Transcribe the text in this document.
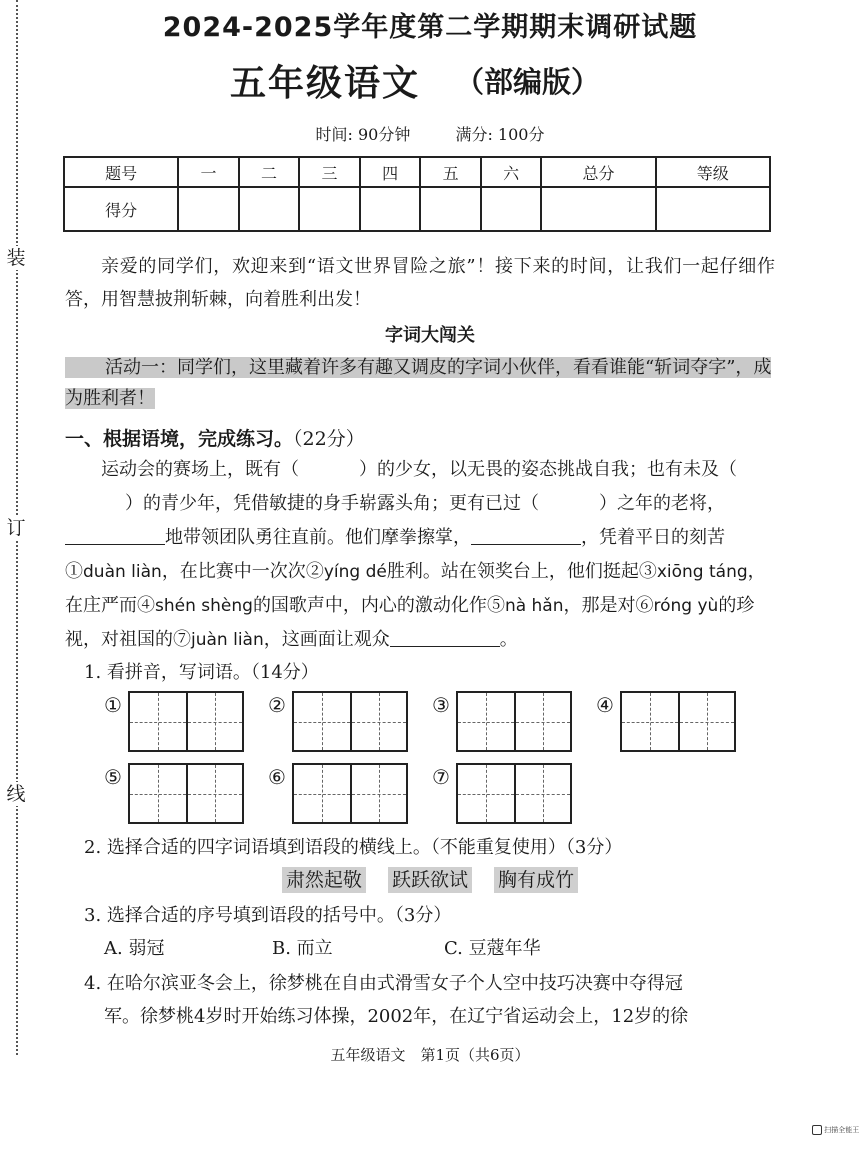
装
订
线
2024-2025学年度第二学期期末调研试题
五年级语文 （部编版）
时间: 90分钟	满分: 100分
题号	一	二	三	四	五	六	总分	等级
得分								
亲爱的同学们，欢迎来到“语文世界冒险之旅”！接下来的时间，让我们一起仔细作答，用智慧披荆斩棘，向着胜利出发！
字词大闯关
活动一：同学们，这里藏着许多有趣又调皮的字词小伙伴，看看谁能“斩词夺字”，成为胜利者！
一、根据语境，完成练习。（22分）
运动会的赛场上，既有（	）的少女，以无畏的姿态挑战自我；也有未及（）的青少年，凭借敏捷的身手崭露头角；更有已过（	）之年的老将，地带领团队勇往直前。他们摩拳擦掌，	，凭着平日的刻苦①duàn liàn，在比赛中一次次②yíng dé胜利。站在领奖台上，他们挺起③xiōng táng，在庄严而④shén shèng的国歌声中，内心的激动化作⑤nà hǎn，那是对⑥róng yù的珍视，对祖国的⑦juàn liàn，这画面让观众	。
1. 看拼音，写词语。（14分）
①	②	③	④
⑤	⑥	⑦
2. 选择合适的四字词语填到语段的横线上。（不能重复使用）（3分）
肃然起敬 跃跃欲试 胸有成竹
3. 选择合适的序号填到语段的括号中。（3分）
A. 弱冠	B. 而立	C. 豆蔻年华
4. 在哈尔滨亚冬会上，徐梦桃在自由式滑雪女子个人空中技巧决赛中夺得冠
军。徐梦桃4岁时开始练习体操，2002年，在辽宁省运动会上，12岁的徐
五年级语文　第1页（共6页）
扫描全能王
